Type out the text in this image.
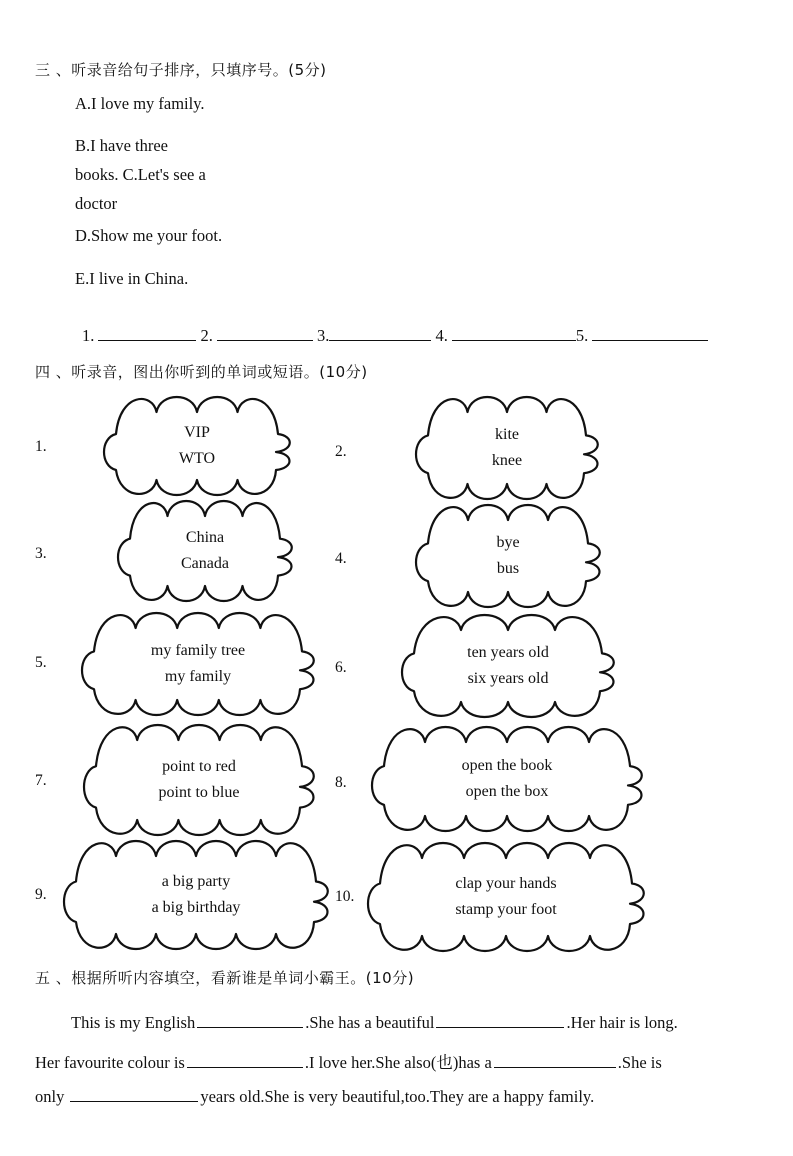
三 、听录音给句子排序，只填序号。(5分)
A.I love my family.
B.I have three
books. C.Let's see a
doctor
D.Show me your foot.
E.I live in China.
1.	2.	3.	4.	5.
四 、听录音，图出你听到的单词或短语。(10分)
1.
VIP
WTO	2.
kite
knee
3.
China
Canada	4.
bye
bus
5.
my family tree
my family
6.
ten years old
six years old
7.
point to red
point to blue
8.
open the book
open the box
9.
a big party
a big birthday
10.
clap your hands
stamp your foot
五 、根据所听内容填空，看新谁是单词小霸王。(10分)
This is my English	.She has a beautiful	.Her hair is long.
Her favourite colour is	.I love her.She also(也)has a	.She is
only	years old.She is very beautiful,too.They are a happy family.
